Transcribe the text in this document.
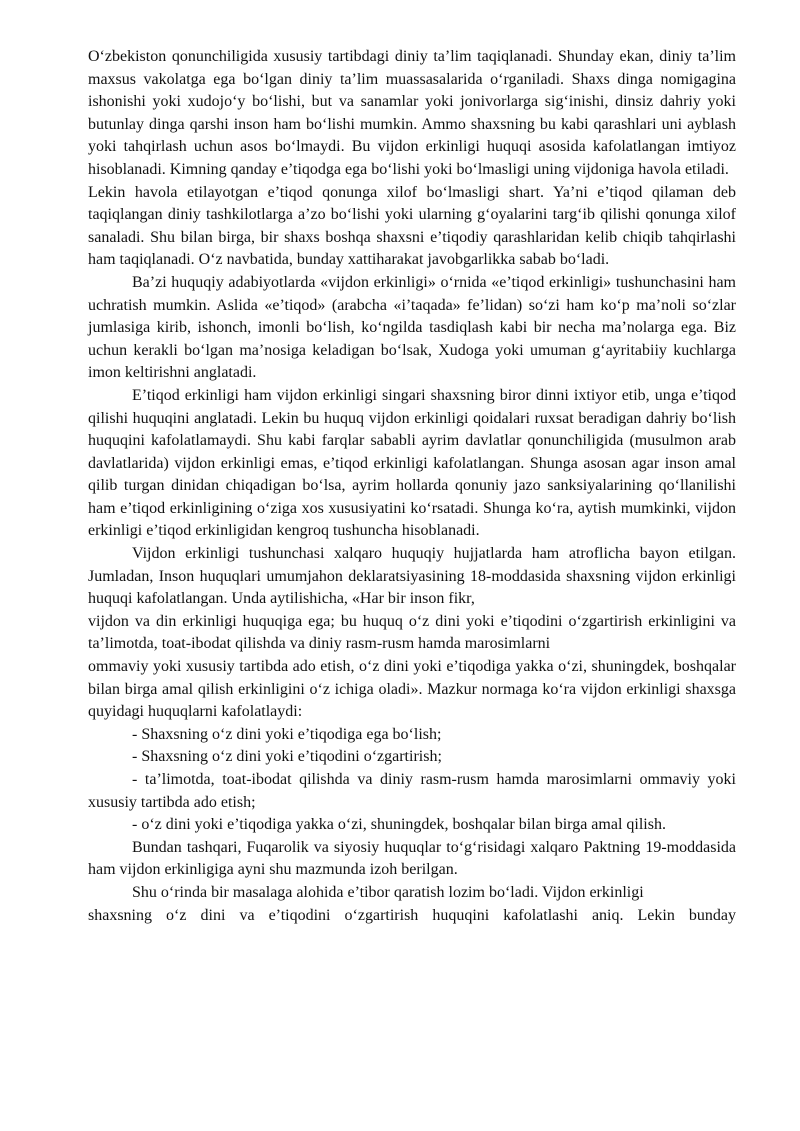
O‘zbekiston qonunchiligida xususiy tartibdagi diniy ta’lim taqiqlanadi. Shunday ekan, diniy ta’lim maxsus vakolatga ega bo‘lgan diniy ta’lim muassasalarida o‘rganiladi. Shaxs dinga nomigagina ishonishi yoki xudojo‘y bo‘lishi, but va sanamlar yoki jonivorlarga sig‘inishi, dinsiz dahriy yoki butunlay dinga qarshi inson ham bo‘lishi mumkin. Ammo shaxsning bu kabi qarashlari uni ayblash yoki tahqirlash uchun asos bo‘lmaydi. Bu vijdon erkinligi huquqi asosida kafolatlangan imtiyoz hisoblanadi. Kimning qanday e’tiqodga ega bo‘lishi yoki bo‘lmasligi uning vijdoniga havola etiladi.

Lekin havola etilayotgan e’tiqod qonunga xilof bo‘lmasligi shart. Ya’ni e’tiqod qilaman deb taqiqlangan diniy tashkilotlarga a’zo bo‘lishi yoki ularning g‘oyalarini targ‘ib qilishi qonunga xilof sanaladi. Shu bilan birga, bir shaxs boshqa shaxsni e’tiqodiy qarashlaridan kelib chiqib tahqirlashi ham taqiqlanadi. O‘z navbatida, bunday xattiharakat javobgarlikka sabab bo‘ladi.

Ba’zi huquqiy adabiyotlarda «vijdon erkinligi» o‘rnida «e’tiqod erkinligi» tushunchasini ham uchratish mumkin. Aslida «e’tiqod» (arabcha «i’taqada» fe’lidan) so‘zi ham ko‘p ma’noli so‘zlar jumlasiga kirib, ishonch, imonli bo‘lish, ko‘ngilda tasdiqlash kabi bir necha ma’nolarga ega. Biz uchun kerakli bo‘lgan ma’nosiga keladigan bo‘lsak, Xudoga yoki umuman g‘ayritabiiy kuchlarga imon keltirishni anglatadi.

E’tiqod erkinligi ham vijdon erkinligi singari shaxsning biror dinni ixtiyor etib, unga e’tiqod qilishi huquqini anglatadi. Lekin bu huquq vijdon erkinligi qoidalari ruxsat beradigan dahriy bo‘lish huquqini kafolatlamaydi. Shu kabi farqlar sababli ayrim davlatlar qonunchiligida (musulmon arab davlatlarida) vijdon erkinligi emas, e’tiqod erkinligi kafolatlangan. Shunga asosan agar inson amal qilib turgan dinidan chiqadigan bo‘lsa, ayrim hollarda qonuniy jazo sanksiyalarining qo‘llanilishi ham e’tiqod erkinligining o‘ziga xos xususiyatini ko‘rsatadi. Shunga ko‘ra, aytish mumkinki, vijdon erkinligi e’tiqod erkinligidan kengroq tushuncha hisoblanadi.

Vijdon erkinligi tushunchasi xalqaro huquqiy hujjatlarda ham atroflicha bayon etilgan. Jumladan, Inson huquqlari umumjahon deklaratsiyasining 18-moddasida shaxsning vijdon erkinligi huquqi kafolatlangan. Unda aytilishicha, «Har bir inson fikr,

vijdon va din erkinligi huquqiga ega; bu huquq o‘z dini yoki e’tiqodini o‘zgartirish erkinligini va ta’limotda, toat-ibodat qilishda va diniy rasm-rusm hamda marosimlarni

ommaviy yoki xususiy tartibda ado etish, o‘z dini yoki e’tiqodiga yakka o‘zi, shuningdek, boshqalar bilan birga amal qilish erkinligini o‘z ichiga oladi». Mazkur normaga ko‘ra vijdon erkinligi shaxsga quyidagi huquqlarni kafolatlaydi:

- Shaxsning o‘z dini yoki e’tiqodiga ega bo‘lish;

- Shaxsning o‘z dini yoki e’tiqodini o‘zgartirish;

- ta’limotda, toat-ibodat qilishda va diniy rasm-rusm hamda marosimlarni ommaviy yoki xususiy tartibda ado etish;

- o‘z dini yoki e’tiqodiga yakka o‘zi, shuningdek, boshqalar bilan birga amal qilish.

Bundan tashqari, Fuqarolik va siyosiy huquqlar to‘g‘risidagi xalqaro Paktning 19-moddasida ham vijdon erkinligiga ayni shu mazmunda izoh berilgan.

Shu o‘rinda bir masalaga alohida e’tibor qaratish lozim bo‘ladi. Vijdon erkinligi

shaxsning o‘z dini va e’tiqodini o‘zgartirish huquqini kafolatlashi aniq. Lekin bunday
